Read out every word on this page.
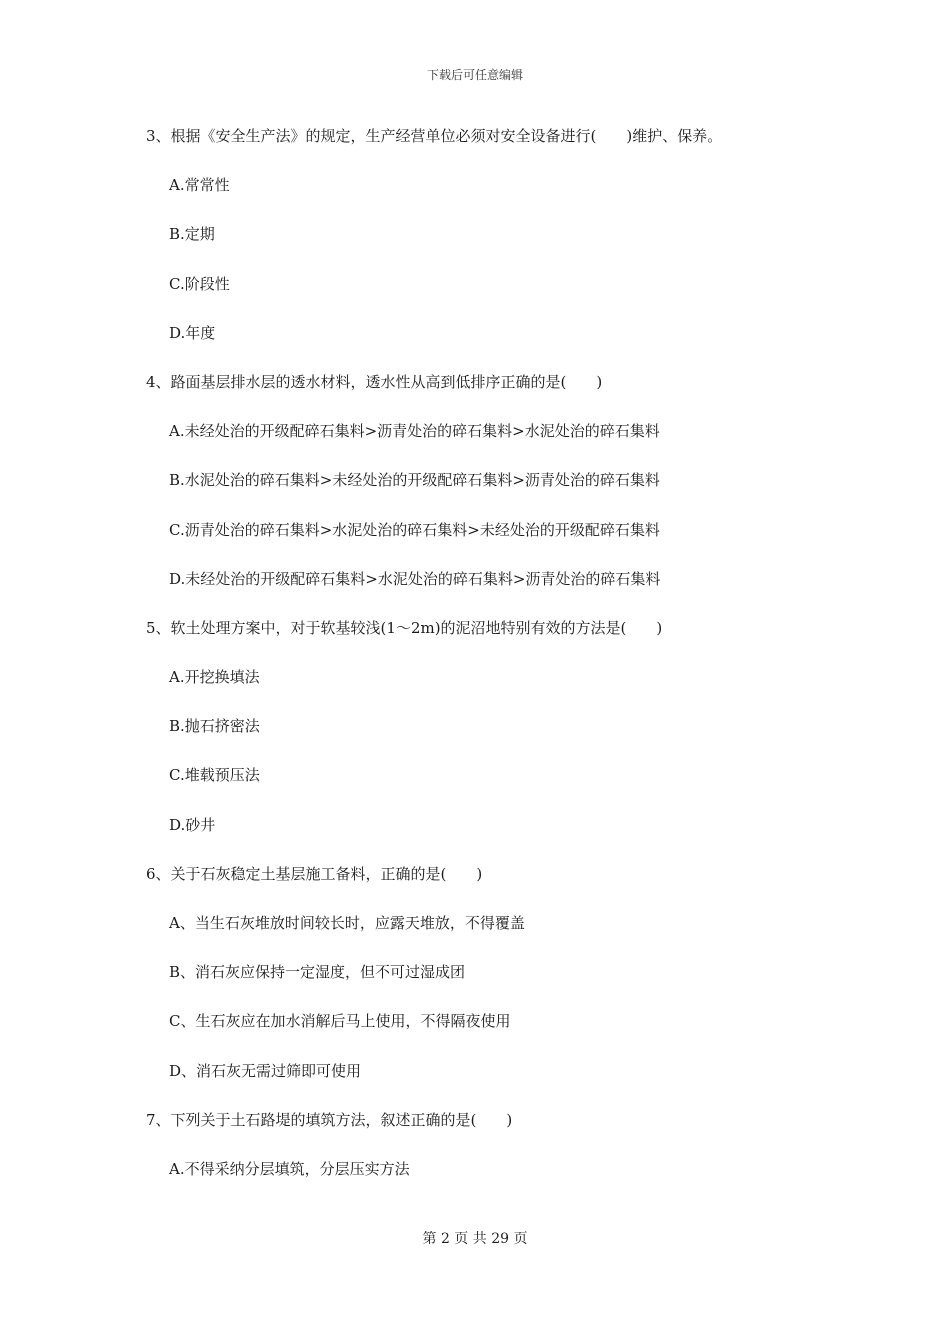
下载后可任意编辑
3、根据《安全生产法》的规定，生产经营单位必须对安全设备进行(　　)维护、保养。
A.常常性
B.定期
C.阶段性
D.年度
4、路面基层排水层的透水材料，透水性从高到低排序正确的是(　　)
A.未经处治的开级配碎石集料>沥青处治的碎石集料>水泥处治的碎石集料
B.水泥处治的碎石集料>未经处治的开级配碎石集料>沥青处治的碎石集料
C.沥青处治的碎石集料>水泥处治的碎石集料>未经处治的开级配碎石集料
D.未经处治的开级配碎石集料>水泥处治的碎石集料>沥青处治的碎石集料
5、软土处理方案中，对于软基较浅(1～2m)的泥沼地特别有效的方法是(　　)
A.开挖换填法
B.抛石挤密法
C.堆载预压法
D.砂井
6、关于石灰稳定土基层施工备料，正确的是(　　)
A、当生石灰堆放时间较长时，应露天堆放，不得覆盖
B、消石灰应保持一定湿度，但不可过湿成团
C、生石灰应在加水消解后马上使用，不得隔夜使用
D、消石灰无需过筛即可使用
7、下列关于土石路堤的填筑方法，叙述正确的是(　　)
A.不得采纳分层填筑，分层压实方法
第 2 页 共 29 页
